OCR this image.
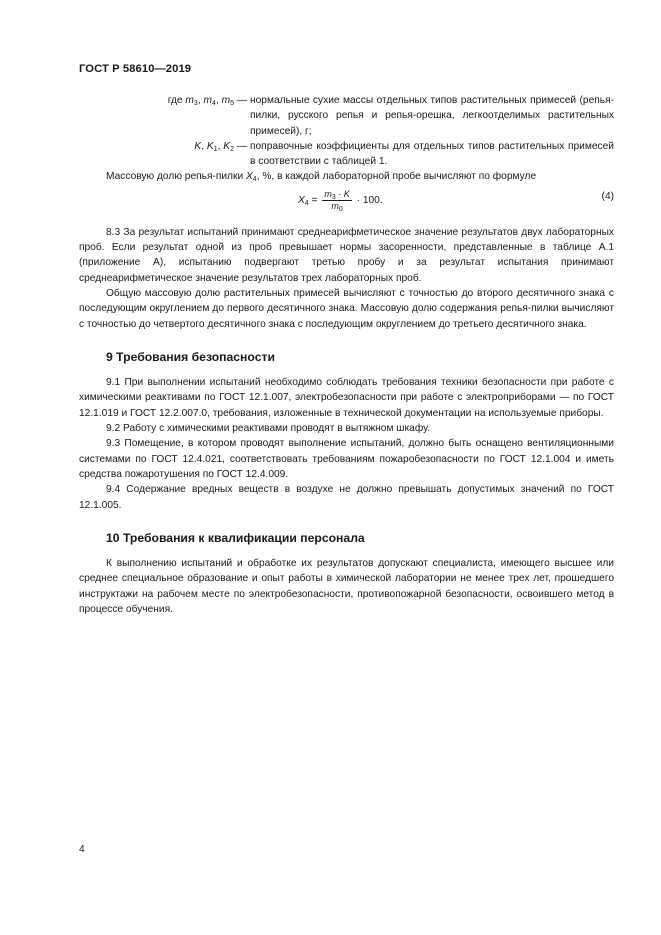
ГОСТ Р 58610—2019
где $m_3$, $m_4$, $m_5$ — нормальные сухие массы отдельных типов растительных примесей (репья-пилки, русского репья и репья-орешка, легкоотделимых растительных примесей), г;
K, $K_1$, $K_2$ — поправочные коэффициенты для отдельных типов растительных примесей в соответствии с таблицей 1.

Массовую долю репья-пилки $X_4$, %, в каждой лабораторной пробе вычисляют по формуле

$X_4 = \frac{m_3 \cdot K}{m_0} \cdot 100$.	(4)

8.3 За результат испытаний принимают среднеарифметическое значение результатов двух лабораторных проб. Если результат одной из проб превышает нормы засоренности, представленные в таблице А.1 (приложение А), испытанию подвергают третью пробу и за результат испытания принимают среднеарифметическое значение результатов трех лабораторных проб.

Общую массовую долю растительных примесей вычисляют с точностью до второго десятичного знака с последующим округлением до первого десятичного знака. Массовую долю содержания репья-пилки вычисляют с точностью до четвертого десятичного знака с последующим округлением до третьего десятичного знака.

9 Требования безопасности

9.1 При выполнении испытаний необходимо соблюдать требования техники безопасности при работе с химическими реактивами по ГОСТ 12.1.007, электробезопасности при работе с электроприборами — по ГОСТ 12.1.019 и ГОСТ 12.2.007.0, требования, изложенные в технической документации на используемые приборы.

9.2 Работу с химическими реактивами проводят в вытяжном шкафу.

9.3 Помещение, в котором проводят выполнение испытаний, должно быть оснащено вентиляционными системами по ГОСТ 12.4.021, соответствовать требованиям пожаробезопасности по ГОСТ 12.1.004 и иметь средства пожаротушения по ГОСТ 12.4.009.

9.4 Содержание вредных веществ в воздухе не должно превышать допустимых значений по ГОСТ 12.1.005.

10 Требования к квалификации персонала

К выполнению испытаний и обработке их результатов допускают специалиста, имеющего высшее или среднее специальное образование и опыт работы в химической лаборатории не менее трех лет, прошедшего инструктажи на рабочем месте по электробезопасности, противопожарной безопасности, освоившего метод в процессе обучения.

4
